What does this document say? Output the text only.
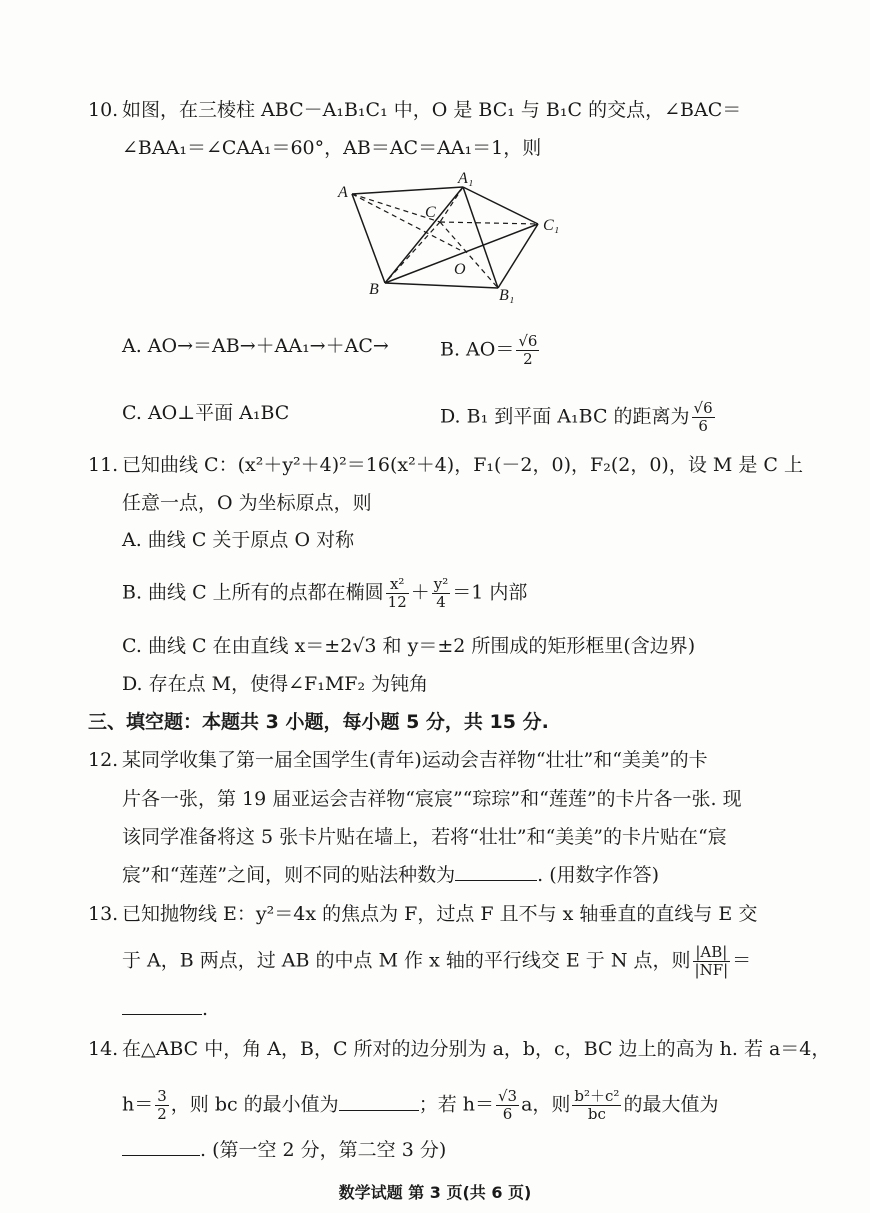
10. 如图，在三棱柱 ABC－A₁B₁C₁ 中，O 是 BC₁ 与 B₁C 的交点，∠BAC＝
∠BAA₁＝∠CAA₁＝60°，AB＝AC＝AA₁＝1，则
A
A₁
C
C₁
O
B	B₁
A. AO→＝AB→＋AA₁→＋AC→	B. $AO= \frac{√6}{2}$
C. AO⊥平面 A₁BC	D. B₁ 到平面 A₁BC 的距离为 $\frac{√6}{6}$
11. 已知曲线 C：(x²＋y²＋4)²＝16(x²＋4)，F₁(－2，0)，F₂(2，0)，设 M 是 C 上
任意一点，O 为坐标原点，则
A. 曲线 C 关于原点 O 对称
B. 曲线 C 上所有的点都在椭圆 $\frac{\text{x²}}{12} + \frac{\text{y²}}{4} =1$ 内部
C. 曲线 C 在由直线 x＝±2√3 和 y＝±2 所围成的矩形框里(含边界)
D. 存在点 M，使得∠F₁MF₂ 为钝角
三、填空题：本题共 3 小题，每小题 5 分，共 15 分.
12. 某同学收集了第一届全国学生(青年)运动会吉祥物“壮壮”和“美美”的卡
片各一张，第 19 届亚运会吉祥物“宸宸”“琮琮”和“莲莲”的卡片各一张. 现
该同学准备将这 5 张卡片贴在墙上，若将“壮壮”和“美美”的卡片贴在“宸
宸”和“莲莲”之间，则不同的贴法种数为	. (用数字作答)
13. 已知抛物线 E：y²＝4x 的焦点为 F，过点 F 且不与 x 轴垂直的直线与 E 交
于 A，B 两点，过 AB 的中点 M 作 x 轴的平行线交 E 于 N 点，则 $\frac{|AB|}{|NF|}$ ＝
.
14. 在△ABC 中，角 A，B，C 所对的边分别为 a，b，c，BC 边上的高为 h. 若 a＝4，
$h= \frac{3}{2}$ ，则 bc 的最小值为	；若 $h= \frac{√3}{6}$ a，则 $\frac{\text{b²＋c²}}{bc}$ 的最大值为
. (第一空 2 分，第二空 3 分)
数学试题 第 3 页(共 6 页)
